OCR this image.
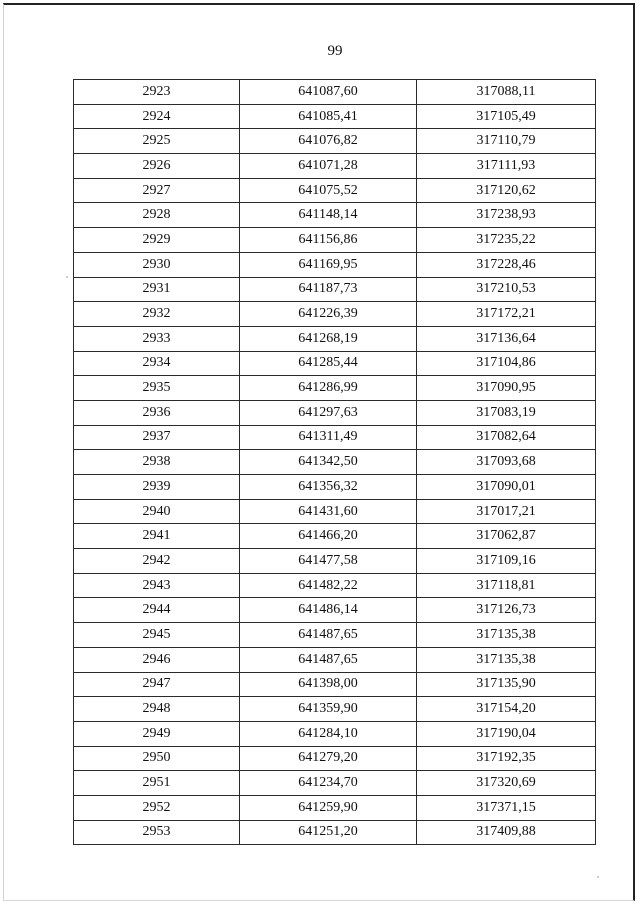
99
2923	641087,60	317088,11
2924	641085,41	317105,49
2925	641076,82	317110,79
2926	641071,28	317111,93
2927	641075,52	317120,62
2928	641148,14	317238,93
2929	641156,86	317235,22
2930	641169,95	317228,46
2931	641187,73	317210,53
2932	641226,39	317172,21
2933	641268,19	317136,64
2934	641285,44	317104,86
2935	641286,99	317090,95
2936	641297,63	317083,19
2937	641311,49	317082,64
2938	641342,50	317093,68
2939	641356,32	317090,01
2940	641431,60	317017,21
2941	641466,20	317062,87
2942	641477,58	317109,16
2943	641482,22	317118,81
2944	641486,14	317126,73
2945	641487,65	317135,38
2946	641487,65	317135,38
2947	641398,00	317135,90
2948	641359,90	317154,20
2949	641284,10	317190,04
2950	641279,20	317192,35
2951	641234,70	317320,69
2952	641259,90	317371,15
2953	641251,20	317409,88
